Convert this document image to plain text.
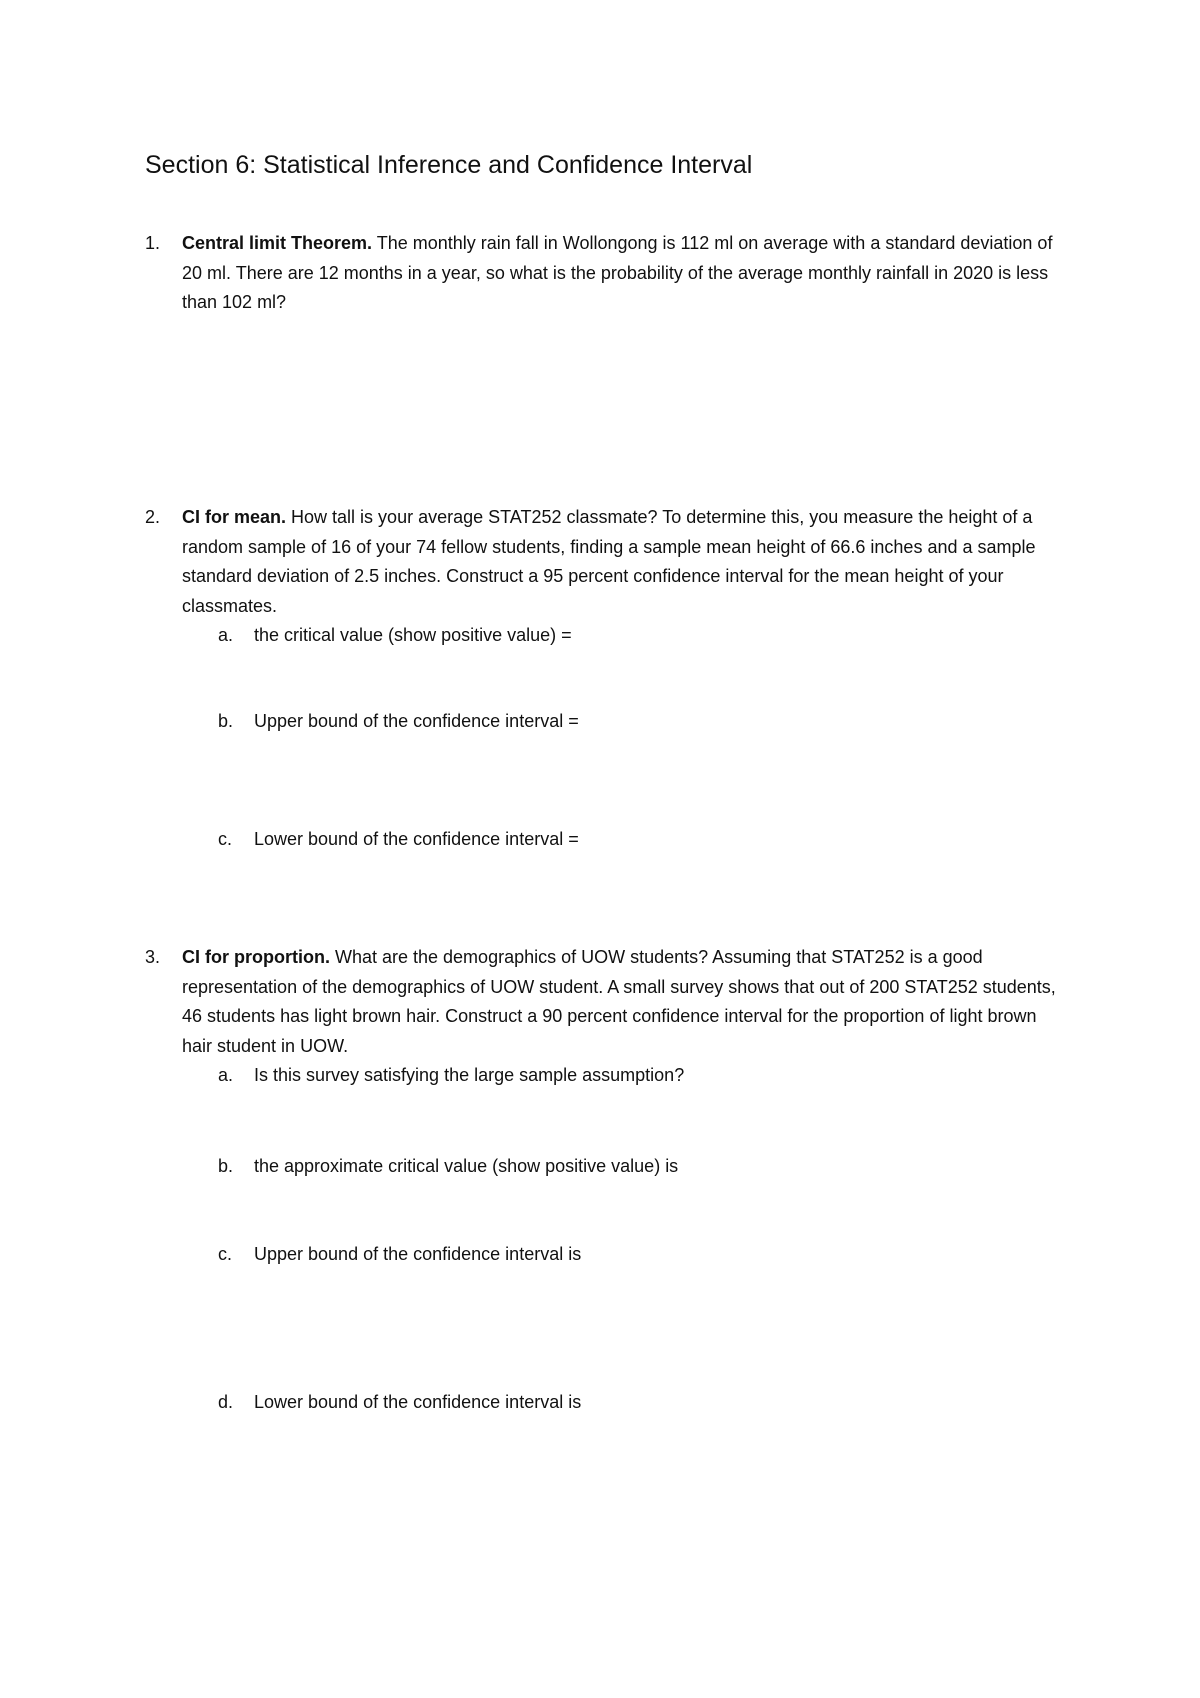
Section 6: Statistical Inference and Confidence Interval
1. Central limit Theorem. The monthly rain fall in Wollongong is 112 ml on average with a standard deviation of 20 ml. There are 12 months in a year, so what is the probability of the average monthly rainfall in 2020 is less than 102 ml?
2. CI for mean. How tall is your average STAT252 classmate? To determine this, you measure the height of a random sample of 16 of your 74 fellow students, finding a sample mean height of 66.6 inches and a sample standard deviation of 2.5 inches. Construct a 95 percent confidence interval for the mean height of your classmates.
a. the critical value (show positive value) =
b. Upper bound of the confidence interval =
c. Lower bound of the confidence interval =
3. CI for proportion. What are the demographics of UOW students? Assuming that STAT252 is a good representation of the demographics of UOW student. A small survey shows that out of 200 STAT252 students, 46 students has light brown hair. Construct a 90 percent confidence interval for the proportion of light brown hair student in UOW.
a. Is this survey satisfying the large sample assumption?
b. the approximate critical value (show positive value) is
c. Upper bound of the confidence interval is
d. Lower bound of the confidence interval is
